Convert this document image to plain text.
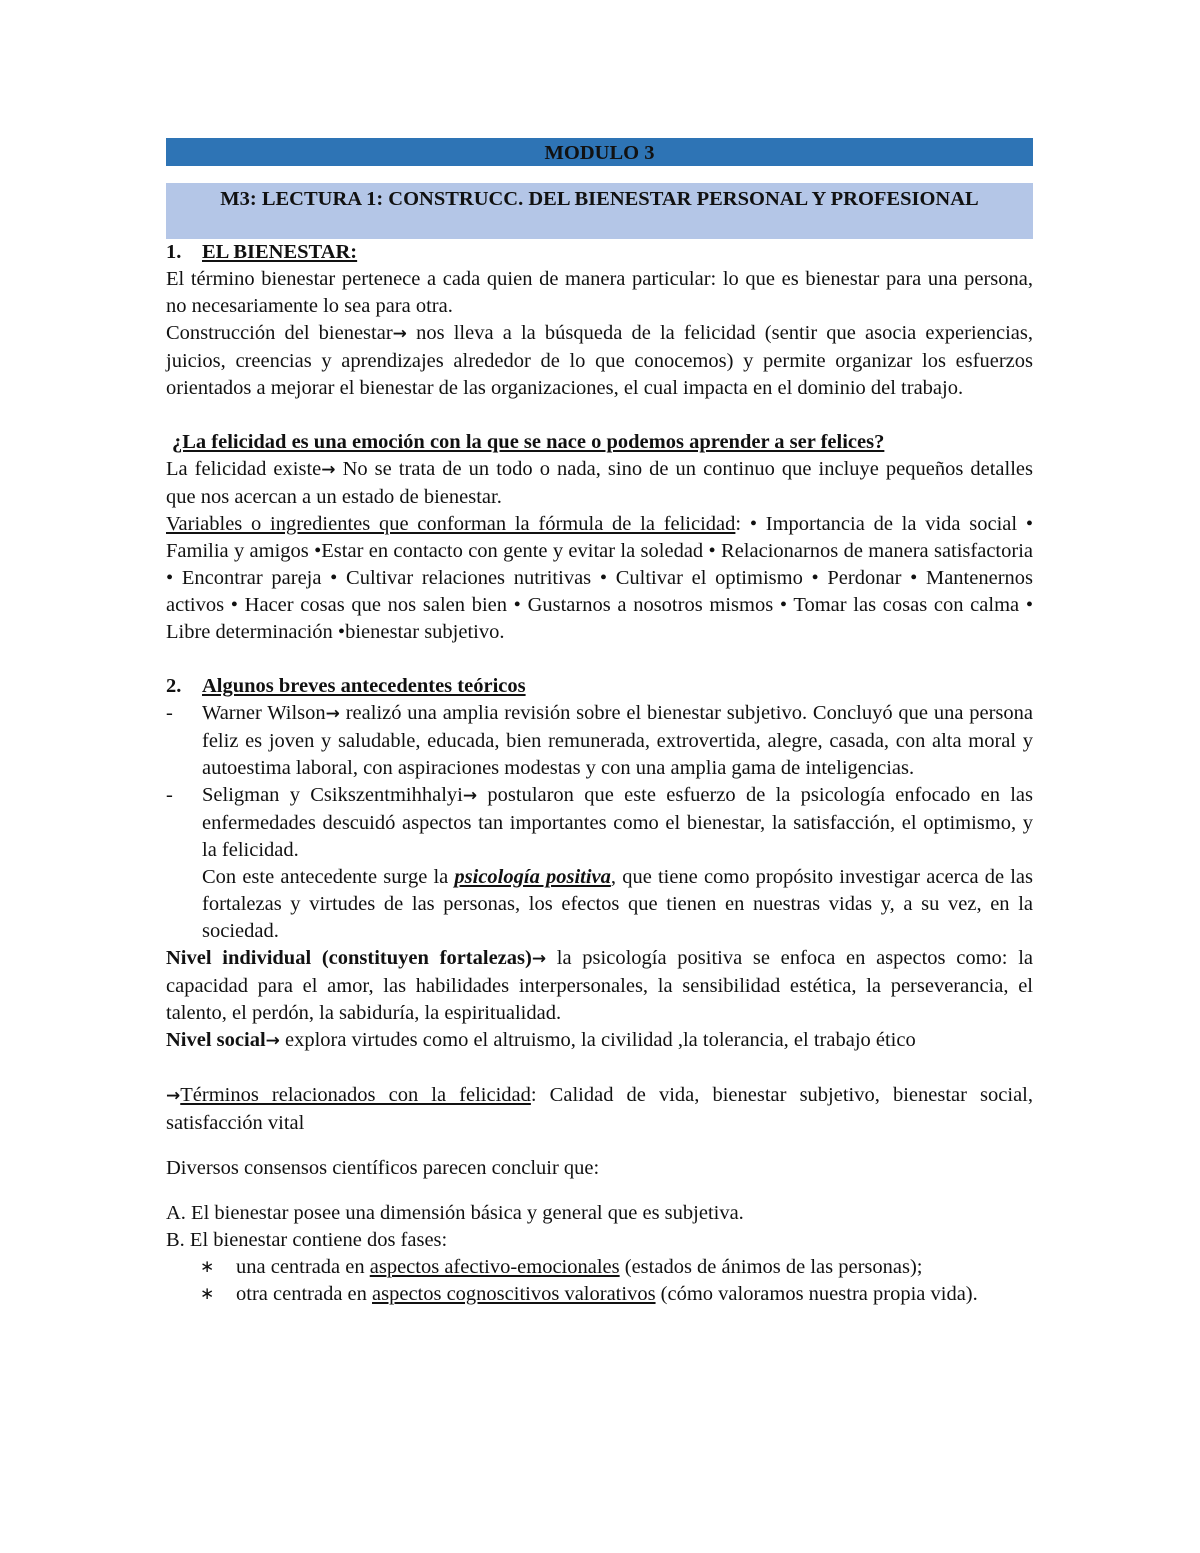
MODULO 3
M3: LECTURA 1: CONSTRUCC. DEL BIENESTAR PERSONAL Y PROFESIONAL
1.	EL BIENESTAR:
El término bienestar pertenece a cada quien de manera particular: lo que es bienestar para una persona, no necesariamente lo sea para otra.
Construcción del bienestar→ nos lleva a la búsqueda de la felicidad (sentir que asocia experiencias, juicios, creencias y aprendizajes alrededor de lo que conocemos) y permite organizar los esfuerzos orientados a mejorar el bienestar de las organizaciones, el cual impacta en el dominio del trabajo.
¿La felicidad es una emoción con la que se nace o podemos aprender a ser felices?
La felicidad existe→ No se trata de un todo o nada, sino de un continuo que incluye pequeños detalles que nos acercan a un estado de bienestar.
Variables o ingredientes que conforman la fórmula de la felicidad: • Importancia de la vida social • Familia y amigos •Estar en contacto con gente y evitar la soledad • Relacionarnos de manera satisfactoria • Encontrar pareja • Cultivar relaciones nutritivas • Cultivar el optimismo • Perdonar • Mantenernos activos • Hacer cosas que nos salen bien • Gustarnos a nosotros mismos • Tomar las cosas con calma • Libre determinación •bienestar subjetivo.
2.	Algunos breves antecedentes teóricos
-	Warner Wilson→ realizó una amplia revisión sobre el bienestar subjetivo. Concluyó que una persona feliz es joven y saludable, educada, bien remunerada, extrovertida, alegre, casada, con alta moral y autoestima laboral, con aspiraciones modestas y con una amplia gama de inteligencias.
-	Seligman y Csikszentmihhalyi→ postularon que este esfuerzo de la psicología enfocado en las enfermedades descuidó aspectos tan importantes como el bienestar, la satisfacción, el optimismo, y la felicidad.
Con este antecedente surge la psicología positiva, que tiene como propósito investigar acerca de las fortalezas y virtudes de las personas, los efectos que tienen en nuestras vidas y, a su vez, en la sociedad.
Nivel individual (constituyen fortalezas)→ la psicología positiva se enfoca en aspectos como: la capacidad para el amor, las habilidades interpersonales, la sensibilidad estética, la perseverancia, el talento, el perdón, la sabiduría, la espiritualidad.
Nivel social→ explora virtudes como el altruismo, la civilidad ,la tolerancia, el trabajo ético
→Términos relacionados con la felicidad: Calidad de vida, bienestar subjetivo, bienestar social, satisfacción vital
Diversos consensos científicos parecen concluir que:
A. El bienestar posee una dimensión básica y general que es subjetiva.
B. El bienestar contiene dos fases:
∗	una centrada en aspectos afectivo-emocionales (estados de ánimos de las personas);
∗	otra centrada en aspectos cognoscitivos valorativos (cómo valoramos nuestra propia vida).
